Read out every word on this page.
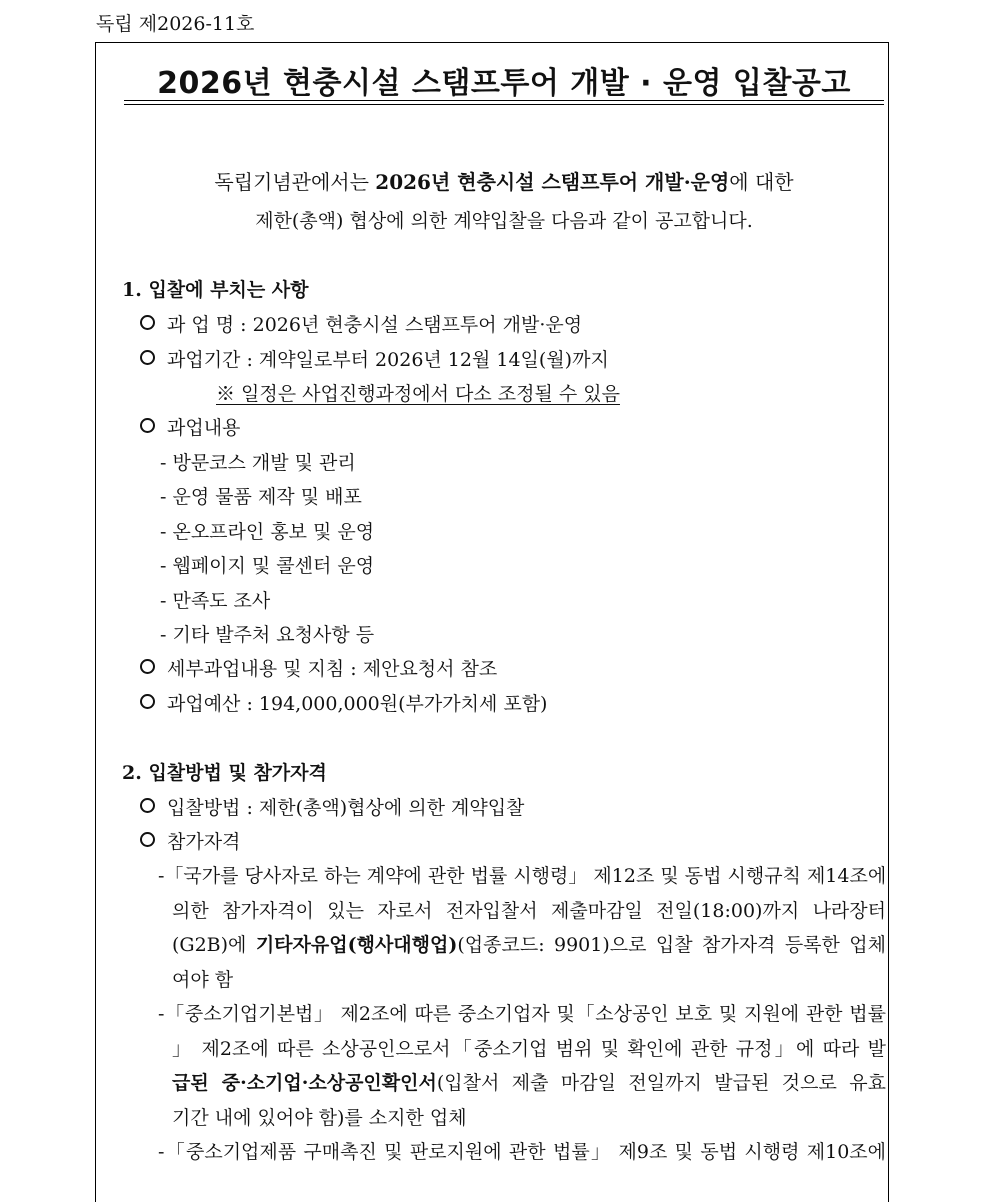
독립 제2026-11호
2026년 현충시설 스탬프투어 개발 · 운영 입찰공고
독립기념관에서는 2026년 현충시설 스탬프투어 개발·운영에 대한
제한(총액) 협상에 의한 계약입찰을 다음과 같이 공고합니다.
1. 입찰에 부치는 사항
과 업 명 : 2026년 현충시설 스탬프투어 개발·운영
과업기간 : 계약일로부터 2026년 12월 14일(월)까지
※ 일정은 사업진행과정에서 다소 조정될 수 있음
과업내용
- 방문코스 개발 및 관리
- 운영 물품 제작 및 배포
- 온오프라인 홍보 및 운영
- 웹페이지 및 콜센터 운영
- 만족도 조사
- 기타 발주처 요청사항 등
세부과업내용 및 지침 : 제안요청서 참조
과업예산 : 194,000,000원(부가가치세 포함)
2. 입찰방법 및 참가자격
입찰방법 : 제한(총액)협상에 의한 계약입찰
참가자격
-「국가를 당사자로 하는 계약에 관한 법률 시행령」 제12조 및 동법 시행규칙 제14조에
의한 참가자격이 있는 자로서 전자입찰서 제출마감일 전일(18:00)까지 나라장터
(G2B)에 기타자유업(행사대행업)(업종코드: 9901)으로 입찰 참가자격 등록한 업체
여야 함
-「중소기업기본법」 제2조에 따른 중소기업자 및「소상공인 보호 및 지원에 관한 법률
」 제2조에 따른 소상공인으로서「중소기업 범위 및 확인에 관한 규정」에 따라 발
급된 중·소기업·소상공인확인서(입찰서 제출 마감일 전일까지 발급된 것으로 유효
기간 내에 있어야 함)를 소지한 업체
-「중소기업제품 구매촉진 및 판로지원에 관한 법률」 제9조 및 동법 시행령 제10조에
